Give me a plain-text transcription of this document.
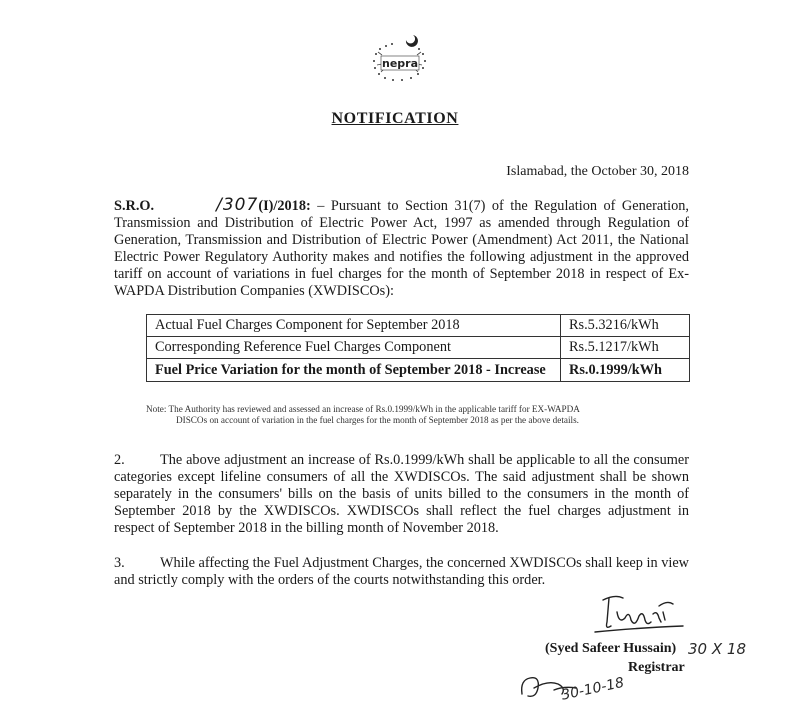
nepra
NOTIFICATION
Islamabad, the October 30, 2018
S.R.O.	/307(I)/2018: – Pursuant to Section 31(7) of the Regulation of Generation, Transmission and Distribution of Electric Power Act, 1997 as amended through Regulation of Generation, Transmission and Distribution of Electric Power (Amendment) Act 2011, the National Electric Power Regulatory Authority makes and notifies the following adjustment in the approved tariff on account of variations in fuel charges for the month of September 2018 in respect of Ex-WAPDA Distribution Companies (XWDISCOs):
Actual Fuel Charges Component for September 2018	Rs.5.3216/kWh
Corresponding Reference Fuel Charges Component	Rs.5.1217/kWh
Fuel Price Variation for the month of September 2018 - Increase	Rs.0.1999/kWh
Note: The Authority has reviewed and assessed an increase of Rs.0.1999/kWh in the applicable tariff for EX-WAPDA
DISCOs on account of variation in the fuel charges for the month of September 2018 as per the above details.
2. The above adjustment an increase of Rs.0.1999/kWh shall be applicable to all the consumer categories except lifeline consumers of all the XWDISCOs. The said adjustment shall be shown separately in the consumers' bills on the basis of units billed to the consumers in the month of September 2018 by the XWDISCOs. XWDISCOs shall reflect the fuel charges adjustment in respect of September 2018 in the billing month of November 2018.
3. While affecting the Fuel Adjustment Charges, the concerned XWDISCOs shall keep in view and strictly comply with the orders of the courts notwithstanding this order.
(Syed Safeer Hussain) 30 X 18
Registrar
30-10-18
